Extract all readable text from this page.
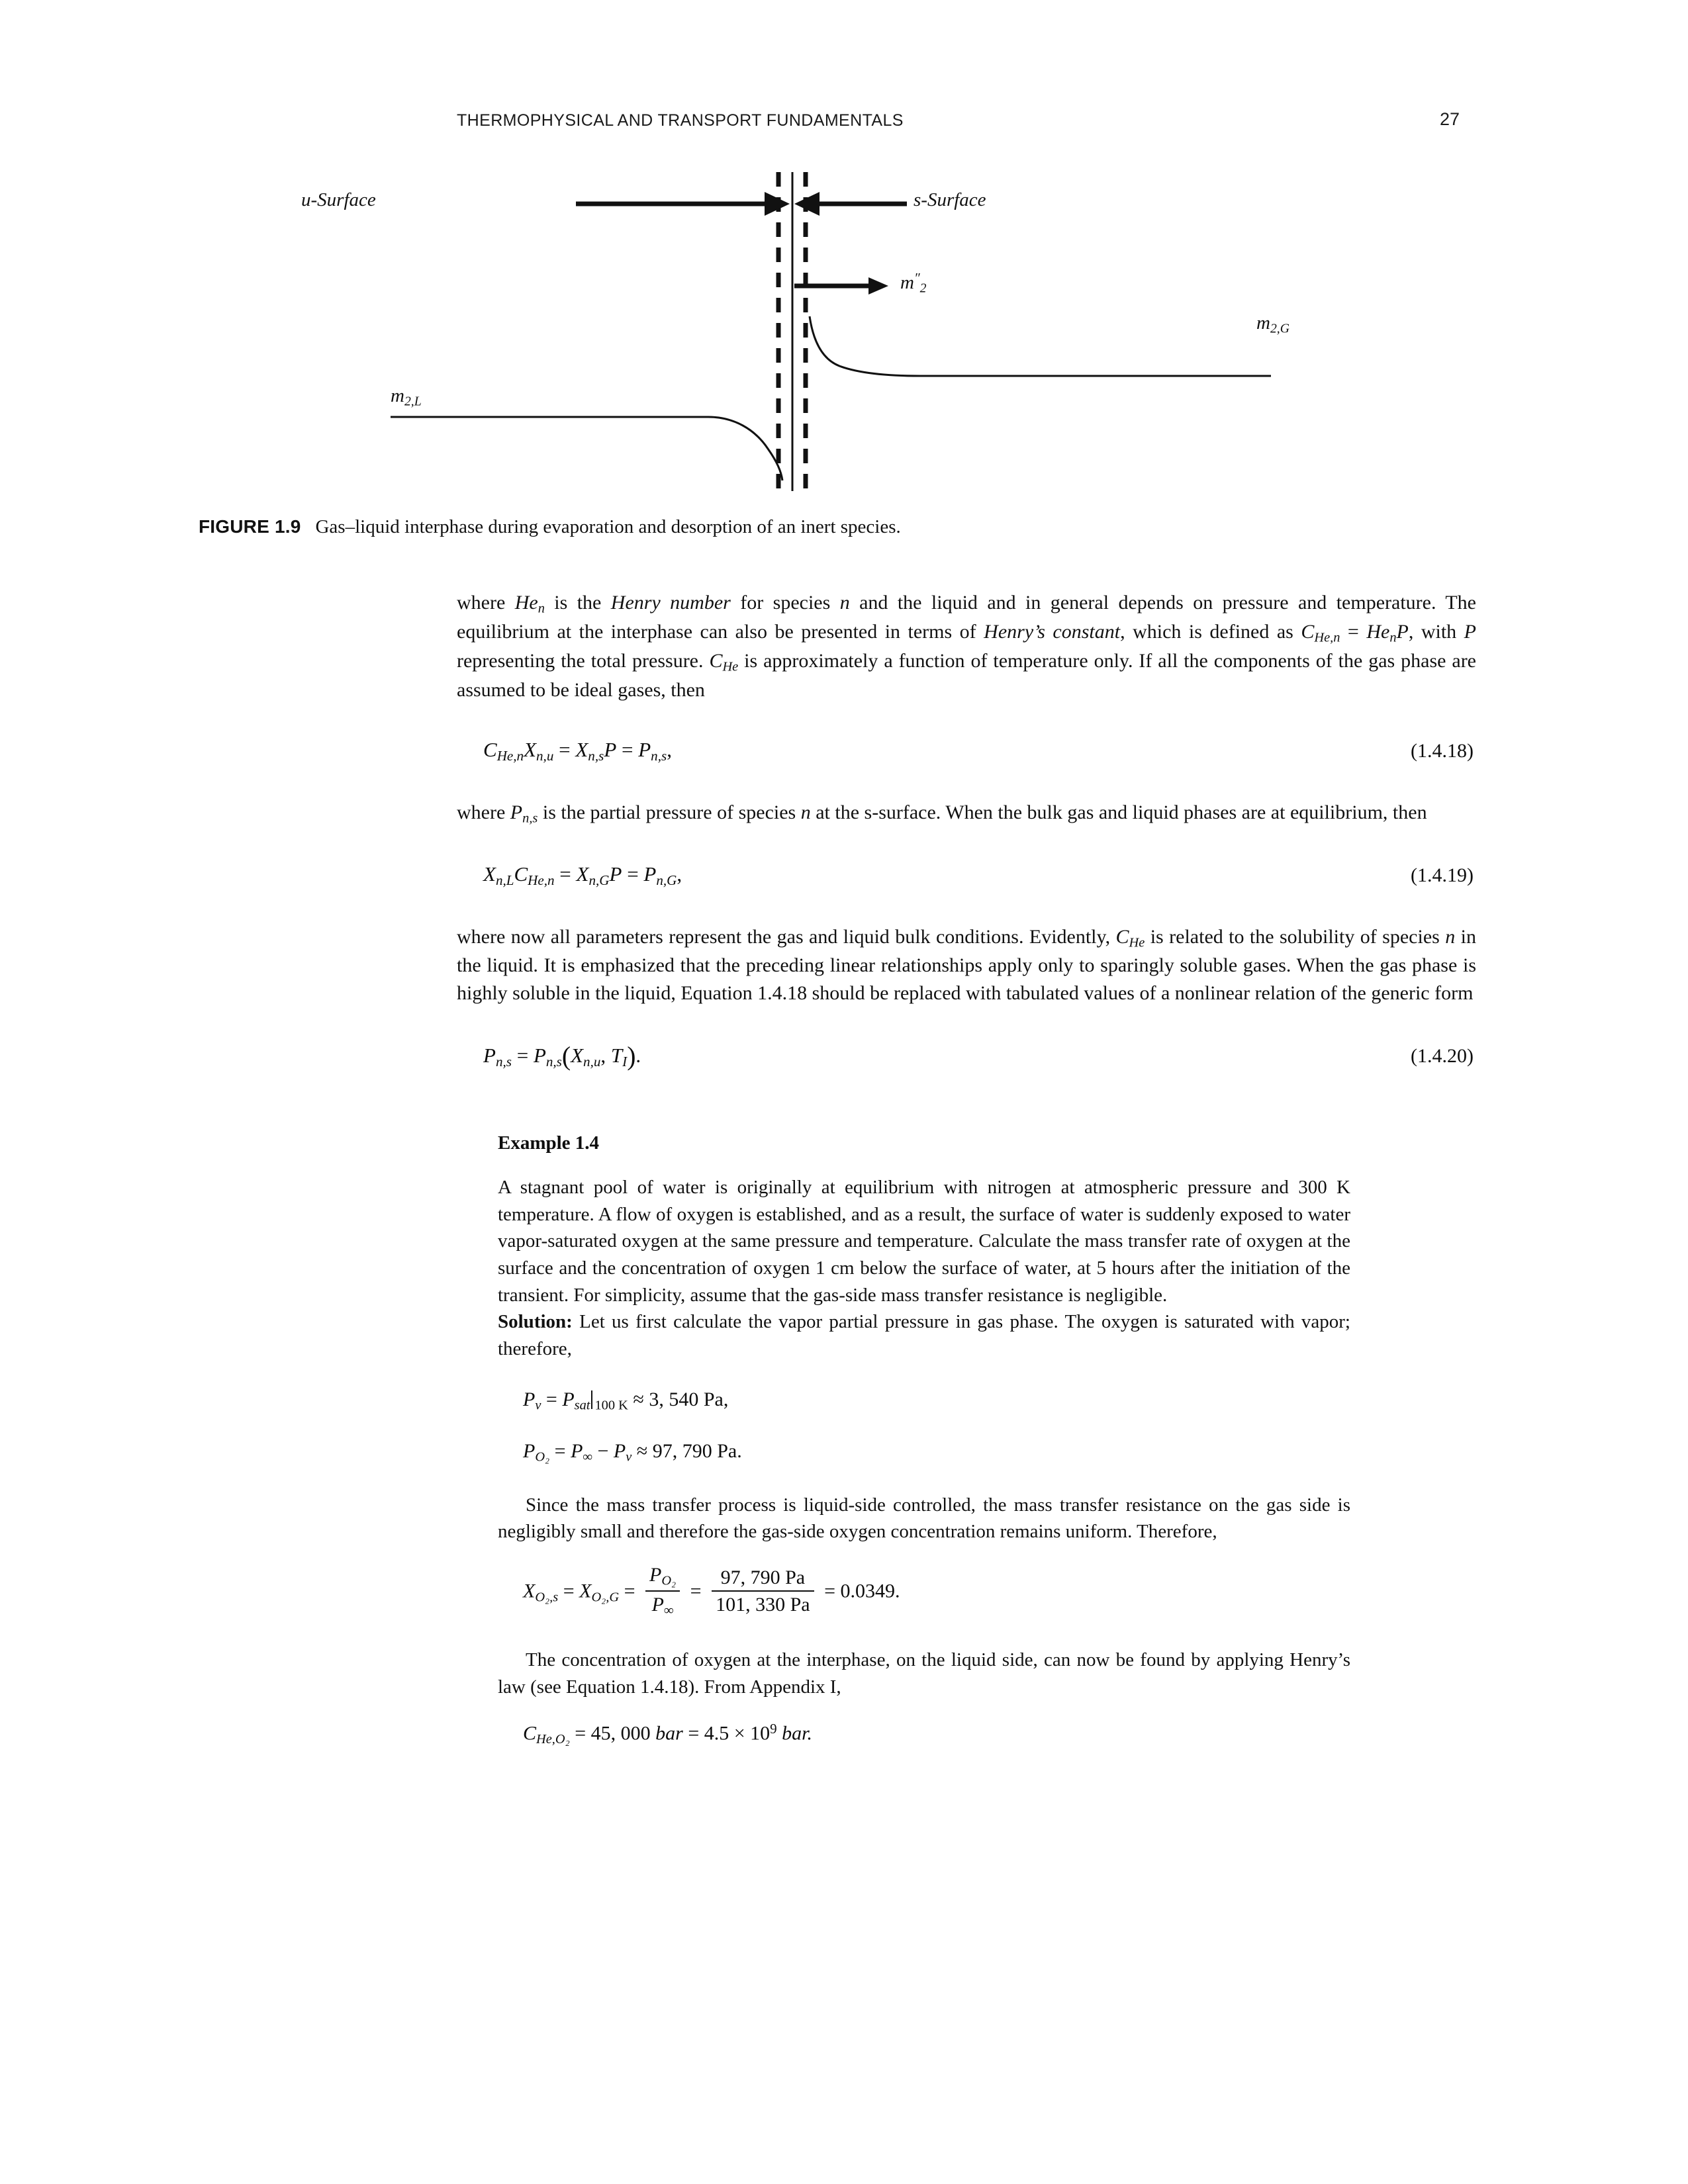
THERMOPHYSICAL AND TRANSPORT FUNDAMENTALS	27
u-Surface	s-Surface
$m''_2$
$m_{2,G}$
$m_{2,L}$
FIGURE 1.9 Gas–liquid interphase during evaporation and desorption of an inert species.

where $He_n$ is the Henry number for species n and the liquid and in general depends on pressure and temperature. The equilibrium at the interphase can also be presented in terms of Henry’s constant, which is defined as $C_{He,n} = He_nP$, with P representing the total pressure. $C_{He}$ is approximately a function of temperature only. If all the components of the gas phase are assumed to be ideal gases, then

$C_{He,n}X_{n,u} = X_{n,s}P = P_{n,s}$,	(1.4.18)

where $P_{n,s}$ is the partial pressure of species n at the s-surface. When the bulk gas and liquid phases are at equilibrium, then

$X_{n,L}C_{He,n} = X_{n,G}P = P_{n,G}$,	(1.4.19)

where now all parameters represent the gas and liquid bulk conditions. Evidently, $C_{He}$ is related to the solubility of species n in the liquid. It is emphasized that the preceding linear relationships apply only to sparingly soluble gases. When the gas phase is highly soluble in the liquid, Equation 1.4.18 should be replaced with tabulated values of a nonlinear relation of the generic form

$P_{n,s} = P_{n,s}(X_{n,u}$, $T_I$).	(1.4.20)

Example 1.4

A stagnant pool of water is originally at equilibrium with nitrogen at atmospheric pressure and 300 K temperature. A flow of oxygen is established, and as a result, the surface of water is suddenly exposed to water vapor-saturated oxygen at the same pressure and temperature. Calculate the mass transfer rate of oxygen at the surface and the concentration of oxygen 1 cm below the surface of water, at 5 hours after the initiation of the transient. For simplicity, assume that the gas-side mass transfer resistance is negligible.

Solution: Let us first calculate the vapor partial pressure in gas phase. The oxygen is saturated with vapor; therefore,

$P_v = P_{sat}$ $_{100 K}$ ≈ 3, 540 Pa,

$P_{O_2} = P_\infty - P_v \approx 97$, 790 Pa.

Since the mass transfer process is liquid-side controlled, the mass transfer resistance on the gas side is negligibly small and therefore the gas-side oxygen concentration remains uniform. Therefore,

$X_{O_2,s} = X_{O_2,G} = \frac{P_{O_2}}{P_\infty} = \frac{97, 790 Pa}{101, 330 Pa} = 0.0349$.

The concentration of oxygen at the interphase, on the liquid side, can now be found by applying Henry’s law (see Equation 1.4.18). From Appendix I,

$C_{He,O_2} = 45$, 000 bar = $4.5 \times 10^9$ bar.
